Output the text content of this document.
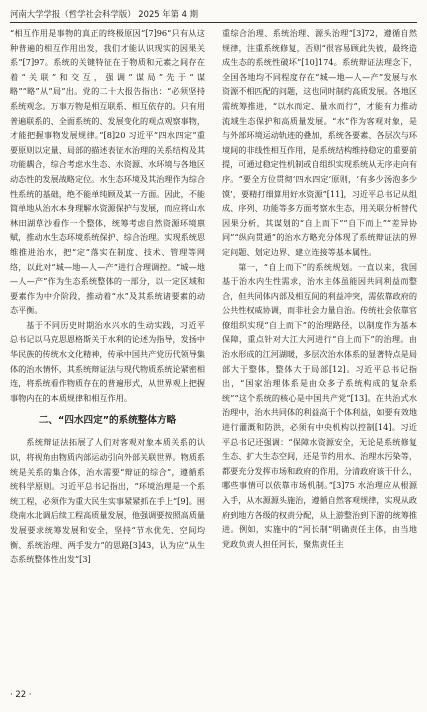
河南大学学报（哲学社会科学版） 2025 年第 4 期

“相互作用是事物的真正的终极原因”[7]96“只有从这种普遍的相互作用出发，我们才能认识现实的因果关系”[7]97。系统的关键特征在于物质和元素之间存在着“关联”和交互，强调“谋局”先于“谋略”“略”从“局”出。党的二十大报告指出：“必须坚持系统观念。万事万物是相互联系、相互依存的。只有用普遍联系的、全面系统的、发展变化的观点观察事物，才能把握事物发展规律。”[8]20 习近平“四水四定”重要原则以定量、局部的描述表征水治理的关系结构及其功能耦合，综合考虑水生态、水资源、水环境与各地区动态性的发展战略定位。水生态环境及其治理作为综合性系统的基础，绝不能单纯顾及某一方面。因此，不能简单地从治水本身理解水资源保护与发展，而应将山水林田湖草沙看作一个整体，统筹考虑自然资源环境禀赋，推动水生态环境系统保护、综合治理。实现系统思维推进治水，把“定”落实在制度、技术、管理等网络，以此对“城—地—人—产”进行合理调控。“城—地—人—产”作为生态系统整体的一部分，以一定区域和要素作为中介阶段，推动着“水”及其系统诸要素的动态平衡。

基于不同历史时期治水兴水的生动实践，习近平总书记以马克思恩格斯关于水利的论述为指导，发扬中华民族的传统水文化精神，传承中国共产党历代领导集体的治水情怀，其系统辩证法与现代物质系统论紧密相连，将系统看作物质存在的普遍形式，从世界观上把握事物内在的本质规律和相互作用。

二、“四水四定”的系统整体方略

系统辩证法拓展了人们对客观对象本质关系的认识，将视角由物质内部运动引向外部关联世界。物质系统是关系的集合体，治水需要“辩证的综合”，遵循系统科学原则。习近平总书记指出，“环境治理是一个系统工程，必须作为重大民生实事紧紧抓在手上”[9]。围绕南水北调后续工程高质量发展，他强调要按照高质量发展要求统筹发展和安全，坚持“节水优先、空间均衡、系统治理、两手发力”的思路[3]43，认为应“从生态系统整体性出发”[3]

重综合治理、系统治理、源头治理”[3]72，遵循自然规律，注重系统修复，否则“很容易顾此失彼，最终造成生态的系统性破坏”[10]174。系统辩证法理念下，全国各地均不同程度存在“城—地—人—产”发展与水资源不相匹配的问题，这也同时制约高质发展。各地区需统筹推进，“以水而定、量水而行”，才能有力推动流域生态保护和高质量发展。“水”作为客观对象，是与外部环境运动轨迹的叠加，系统各要素、各层次与环境间的非线性相互作用，是系统结构维持稳定的重要前提，可通过稳定性机制或自组织实现系统从无序走向有序。“要全方位贯彻‘四水四定’原则，‘有多少汤泡多少馍’，要精打细算用好水资源”[11]，习近平总书记从组成、序列、功能等多方面考察水生态，用关联分析替代因果分析，其谋划的“自上而下”“自下而上”“差异协同”“纵向贯通”的治水方略充分体现了系统辩证法的界定问题、划定边界、建立连接等基本属性。

第一，“自上而下”的系统规划。一直以来，我国基于治水内生性需求，治水主体虽能因共同利益而整合，但共同体内部及相互间的利益冲突，需依靠政府的公共性权威协调，而非社会力量自治。传统社会依靠官僚组织实现“自上而下”的治理路径，以制度作为基本保障，重点针对大江大河进行“自上而下”的治理。由治水形成的江河湖暖，多层次治水体系的显著特点是局部大于整体，整体大于局部[12]。习近平总书记指出，“国家治理体系是由众多子系统构成的复杂系统”“这个系统的核心是中国共产党”[13]。在共治式水治理中，治水共同体的利益高于个体利益，如要有效地进行灌溉和防洪，必须有中央机构以控制[14]。习近平总书记还强调：“保障水资源安全，无论是系统修复生态、扩大生态空间，还是节约用水、治理水污染等，都要充分发挥市场和政府的作用，分清政府该干什么，哪些事情可以依靠市场机制。”[3]75 水治理应从根源入手，从水源源头施治，遵循自然客观规律，实现从政府到地方各级的权责分配，从上游整治到下游的统筹推进。例如，实施中的“河长制”明确责任主体，由当地党政负责人担任河长，聚焦责任主

· 22 ·
